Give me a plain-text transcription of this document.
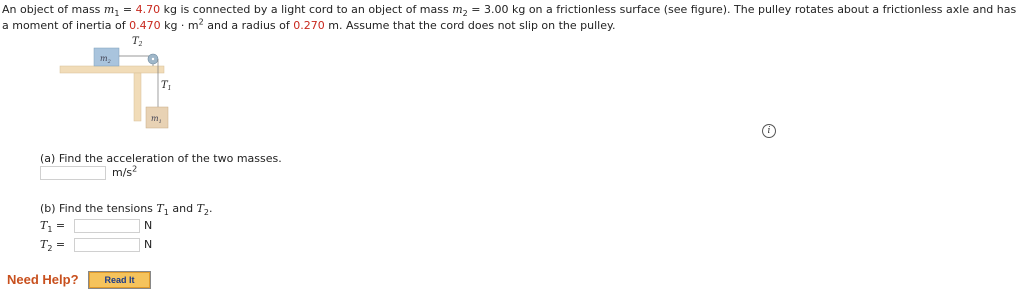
An object of mass $m_1 = 4.70$ kg is connected by a light cord to an object of mass $m_2 = 3.00$ kg on a frictionless surface (see figure). The pulley rotates about a frictionless axle and has a moment of inertia of 0.470 kg · $m^2$ and a radius of 0.270 m. Assume that the cord does not slip on the pulley.
$m_2$
$m_1$
$T_2$
$T_1$
i
(a) Find the acceleration of the two masses.
$m/s^2$
(b) Find the tensions $T_1$ and $T_2$.
$T_1$ =	N
$T_2$ =	N
Need Help?	Read It
